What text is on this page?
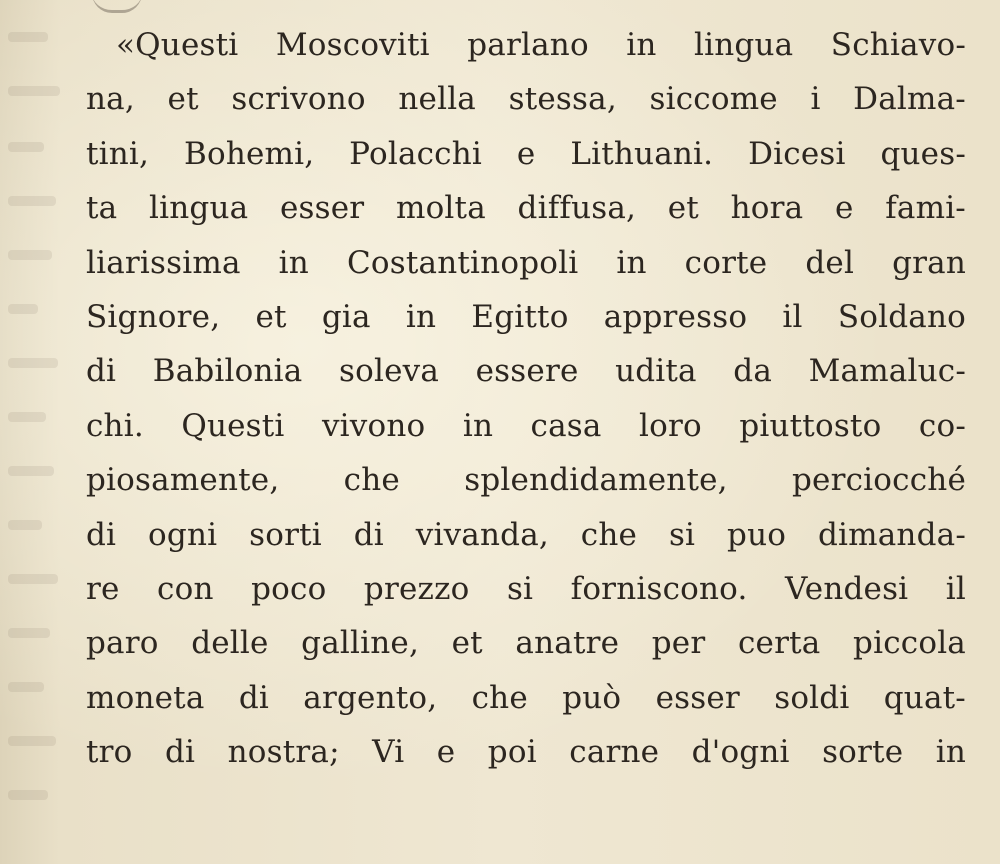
«Questi Moscoviti parlano in lingua Schiavo-
na, et scrivono nella stessa, siccome i Dalma-
tini, Bohemi, Polacchi e Lithuani. Dicesi ques-
ta lingua esser molta diffusa, et hora e fami-
liarissima in Costantinopoli in corte del gran
Signore, et gia in Egitto appresso il Soldano
di Babilonia soleva essere udita da Mamaluc-
chi. Questi vivono in casa loro piuttosto co-
piosamente, che splendidamente, perciocché
di ogni sorti di vivanda, che si puo dimanda-
re con poco prezzo si forniscono. Vendesi il
paro delle galline, et anatre per certa piccola
moneta di argento, che può esser soldi quat-
tro di nostra; Vi e poi carne d'ogni sorte in
